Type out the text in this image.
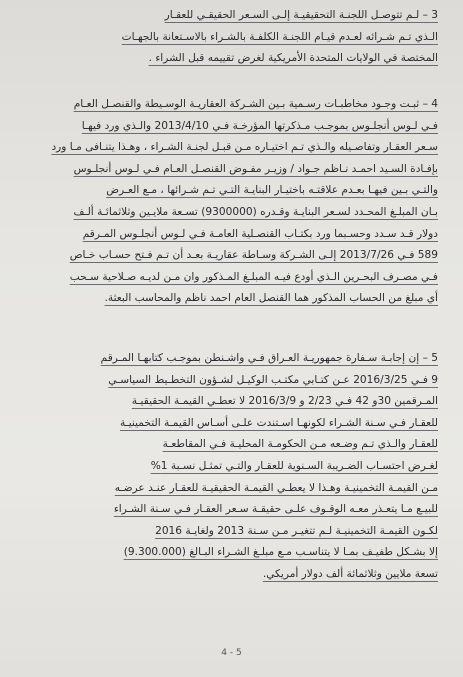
3 – لـم تتوصـل اللجنـة التحقيقيـة إلـى السـعر الحقيقـي للعقـار
الـذي تـم شـرائه لعـدم قيـام اللجنـة الكلفـة بالشـراء بالاسـتعانة بالجهـات
المختصة في الولايات المتحدة الأمريكية لغرض تقييمه قبل الشراء .
4 – ثبـت وجـود مخاطبـات رسـمية بـين الشـركة العقاريـة الوسـيطة والقنصـل العـام
فـي لـوس أنجلـوس بموجـب مـذكرتها المؤرخـة فـي 2013/4/10 والـذي ورد فيهـا
سـعر العقـار وتفاصـيله والـذي تـم اختيـاره مـن قبـل لجنـة الشـراء ، وهـذا يتنـافى مـا ورد
بإفـادة السـيد احمـد نـاظم جـواد / وزيـر مفـوض القنصـل العـام فـي لـوس أنجلـوس
والتـي بـين فيهـا بعـدم علاقتـه باختيـار البنايـة التـي تـم شـرائها ، مـع العـرض
بـان المبلـغ المحـدد لسـعر البنايـة وقـدره (9300000) تسـعة ملايـين وثلاثمائـة ألـف
دولار قـد سـدد وحسـبما ورد بكتـاب القنصـلية العامـة فـي لـوس أنجلـوس المـرقم
589 فـي 2013/7/26 إلـى الشـركة وسـاطة عقاريـة بعـد أن تـم فـتح حسـاب خـاص
فـي مصـرف البحـرين الـذي أودع فيـه المبلـغ المـذكور وان مـن لديـه صـلاحية سـحب
أي مبلغ من الحساب المذكور هما القنصل العام احمد ناظم والمحاسب البعثة.
5 – إن إجابـة سـفارة جمهوريـة العـراق فـي واشـنطن بموجـب كتابهـا المـرقم
9 فـي 2016/3/25 عـن كتـابي مكتـب الوكيـل لشـؤون التخطـيط السياسـي
المـرقمين 30و 42 فـي 2/23 و 2016/3/9 لا تعطـي القيمـة الحقيقيـة
للعقـار فـي سـنة الشـراء لكونهـا اسـتندت علـى أسـاس القيمـة التخمينيـة
للعقـار والـذي تـم وضـعه مـن الحكومـة المحليـة فـي المقاطعـة
لغـرض احتسـاب الضـريبة السـنوية للعقـار والتـي تمثـل نسـبة 1%
مـن القيمـة التخمينيـة وهـذا لا يعطـي القيمـة الحقيقيـة للعقـار عنـد عرضـه
للبيـع مـا يتعـذر معـه الوقـوف علـى حقيقـة سـعر العقـار فـي سـنة الشـراء
لكـون القيمـة التخمينيـة لـم تتغيـر مـن سـنة 2013 ولغايـة 2016
إلا بشـكل طفيـف بمـا لا يتناسـب مـع مبلـغ الشـراء البـالغ (9.300.000)
تسعة ملايين وثلاثمائة ألف دولار أمريكي.
4 - 5
